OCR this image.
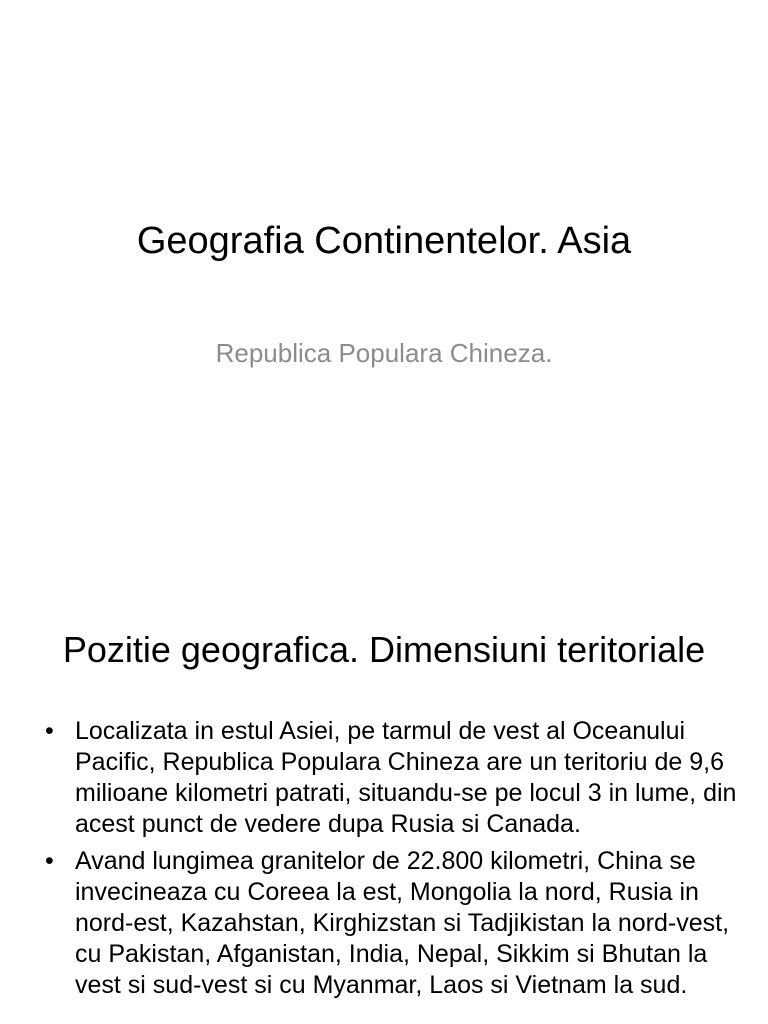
Geografia Continentelor. Asia
Republica Populara Chineza.
Pozitie geografica. Dimensiuni teritoriale
• Localizata in estul Asiei, pe tarmul de vest al Oceanului Pacific, Republica Populara Chineza are un teritoriu de 9,6 milioane kilometri patrati, situandu-se pe locul 3 in lume, din acest punct de vedere dupa Rusia si Canada.
• Avand lungimea granitelor de 22.800 kilometri, China se invecineaza cu Coreea la est, Mongolia la nord, Rusia in nord-est, Kazahstan, Kirghizstan si Tadjikistan la nord-vest, cu Pakistan, Afganistan, India, Nepal, Sikkim si Bhutan la vest si sud-vest si cu Myanmar, Laos si Vietnam la sud.
